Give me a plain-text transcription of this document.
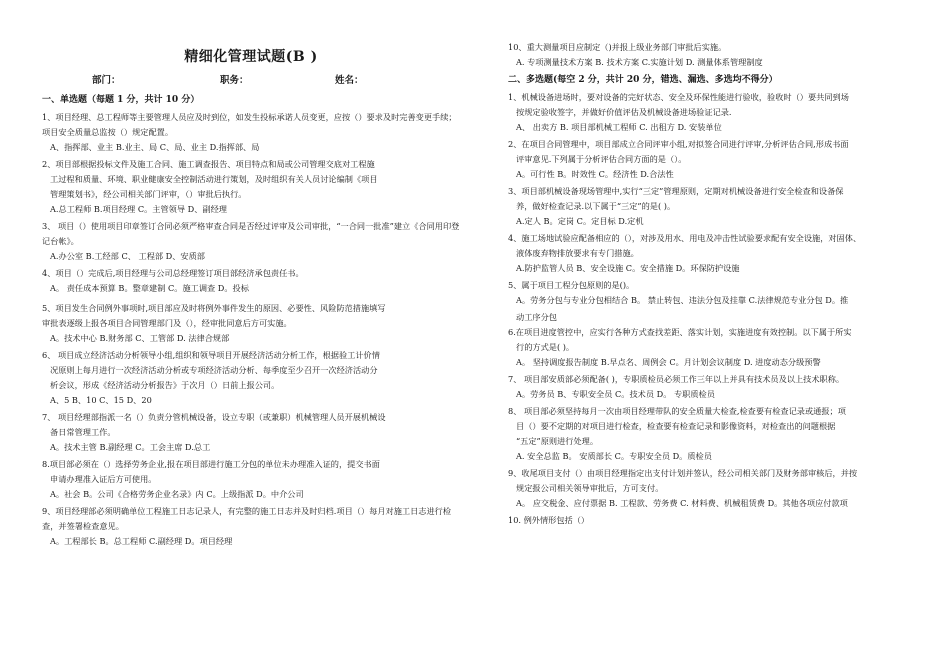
精细化管理试题(B )
部门：	职务：	姓名：

一、单选题（每题 1 分，共计 10 分）

1、项目经理、总工程师等主要管理人员应及时到位，如发生投标承诺人员变更，应按（）要求及时完善变更手续；项目安全质量总监按（）规定配置。

A、指挥部、业主 B.业主、局 C、局、业主 D.指挥部、局

2、项目部根据投标文件及施工合同、施工调查报告、项目特点和局或公司管理交底对工程施

工过程和质量、环境、职业健康安全控制活动进行策划，及时组织有关人员讨论编制《项目

管理策划书》，经公司相关部门评审，（）审批后执行。

A.总工程师 B.项目经理 C。主管领导 D、副经理

3、 项目（）使用项目印章签订合同必须严格审查合同是否经过评审及公司审批，“一合同一批准”建立《合同用印登记台帐》。

A.办公室 B.工经部 C、 工程部 D、安质部

4、项目（）完成后,项目经理与公司总经理签订项目部经济承包责任书。

A。 责任成本预算 B。整章建制 C。施工调查 D。投标

5、项目发生合同例外事项时,项目部应及时将例外事件发生的原因、必要性、风险防范措施填写

审批表逐级上报各项目合同管理部门及（），经审批同意后方可实施。

A。技术中心 B.财务部 C、工管部 D. 法律合规部

6、 项目成立经济活动分析领导小组,组织和领导项目开展经济活动分析工作，根据验工计价情

况原则上每月进行一次经济活动分析或专项经济活动分析、每季度至少召开一次经济活动分

析会议，形成《经济活动分析报告》于次月（）日前上报公司。

A、5 B、10 C、15 D、20

7、 项目经理部指派一名（）负责分管机械设备，设立专职（或兼职）机械管理人员开展机械设

备日常管理工作。

A。技术主管 B.副经理 C。工会主席 D.总工

8.项目部必须在（）选择劳务企业,报在项目部进行施工分包的单位未办理准入证的，提交书面

申请办理准入证后方可使用。

A。社会 B。公司《合格劳务企业名录》内 C。上级指派 D。中介公司

9、项目经理部必须明确单位工程施工日志记录人，有完整的施工日志并及时归档.项目（）每月对施工日志进行检查，并签署检查意见。

A。工程部长 B。总工程师 C.副经理 D。项目经理

10、重大测量项目应制定（)并报上级业务部门审批后实施。

A. 专项测量技术方案 B. 技术方案 C.实施计划 D. 测量体系管理制度

二、多选题(每空 2 分，共计 20 分，错选、漏选、多选均不得分）

1、机械设备进场时，要对设备的完好状态、安全及环保性能进行验收，验收时（）要共同到场

按规定验收签字，并做好价值评估及机械设备进场验证记录.

A、 出卖方 B. 项目部机械工程师 C. 出租方 D. 安装单位

2、在项目合同管理中，项目部成立合同评审小组,对拟签合同进行评审,分析评估合同,形成书面

评审意见.下列属于分析评估合同方面的是（）。

A。可行性 B。时效性 C。经济性 D.合法性

3、项目部机械设备现场管理中,实行“三定”管理原则，定期对机械设备进行安全检查和设备保

养，做好检查记录.以下属于“三定”的是( )。

A.定人 B。定岗 C。定目标 D.定机

4、施工场地试验应配备相应的（），对涉及用水、用电及冲击性试验要求配有安全设施，对固体、

液体废弃物排放要求有专门措施。

A.防护监管人员 B、安全设施 C。安全措施 D。环保防护设施

5、属于项目工程分包原则的是()。

A。劳务分包与专业分包相结合 B。 禁止转包、违法分包及挂靠 C.法律规范专业分包 D。推

动工序分包

6.在项目进度管控中，应实行各种方式查找差距、落实计划，实施进度有效控制。以下属于所实

行的方式是( )。

A。 坚持调度报告制度 B.早点名、周例会 C。月计划会议制度 D. 进度动态分级预警

7、 项目部安质部必须配备( )，专职质检员必须工作三年以上并具有技术员及以上技术职称。

A。劳务员 B、专职安全员 C。技术员 D。 专职质检员

8、 项目部必须坚持每月一次由项目经理带队的安全质量大检查,检查要有检查记录或通报；项

目（）要不定期的对项目进行检查，检查要有检查记录和影像资料，对检查出的问题根据

“五定”原则进行处理。

A. 安全总监 B。 安质部长 C。专职安全员 D。质检员

9、收尾项目支付（）由项目经理指定出支付计划并签认，经公司相关部门及财务部审核后，并按

规定报公司相关领导审批后，方可支付。

A。 应交税金、应付票据 B. 工程款、劳务费 C. 材料费、机械租赁费 D。其他各项应付款项

10. 例外情形包括（）
